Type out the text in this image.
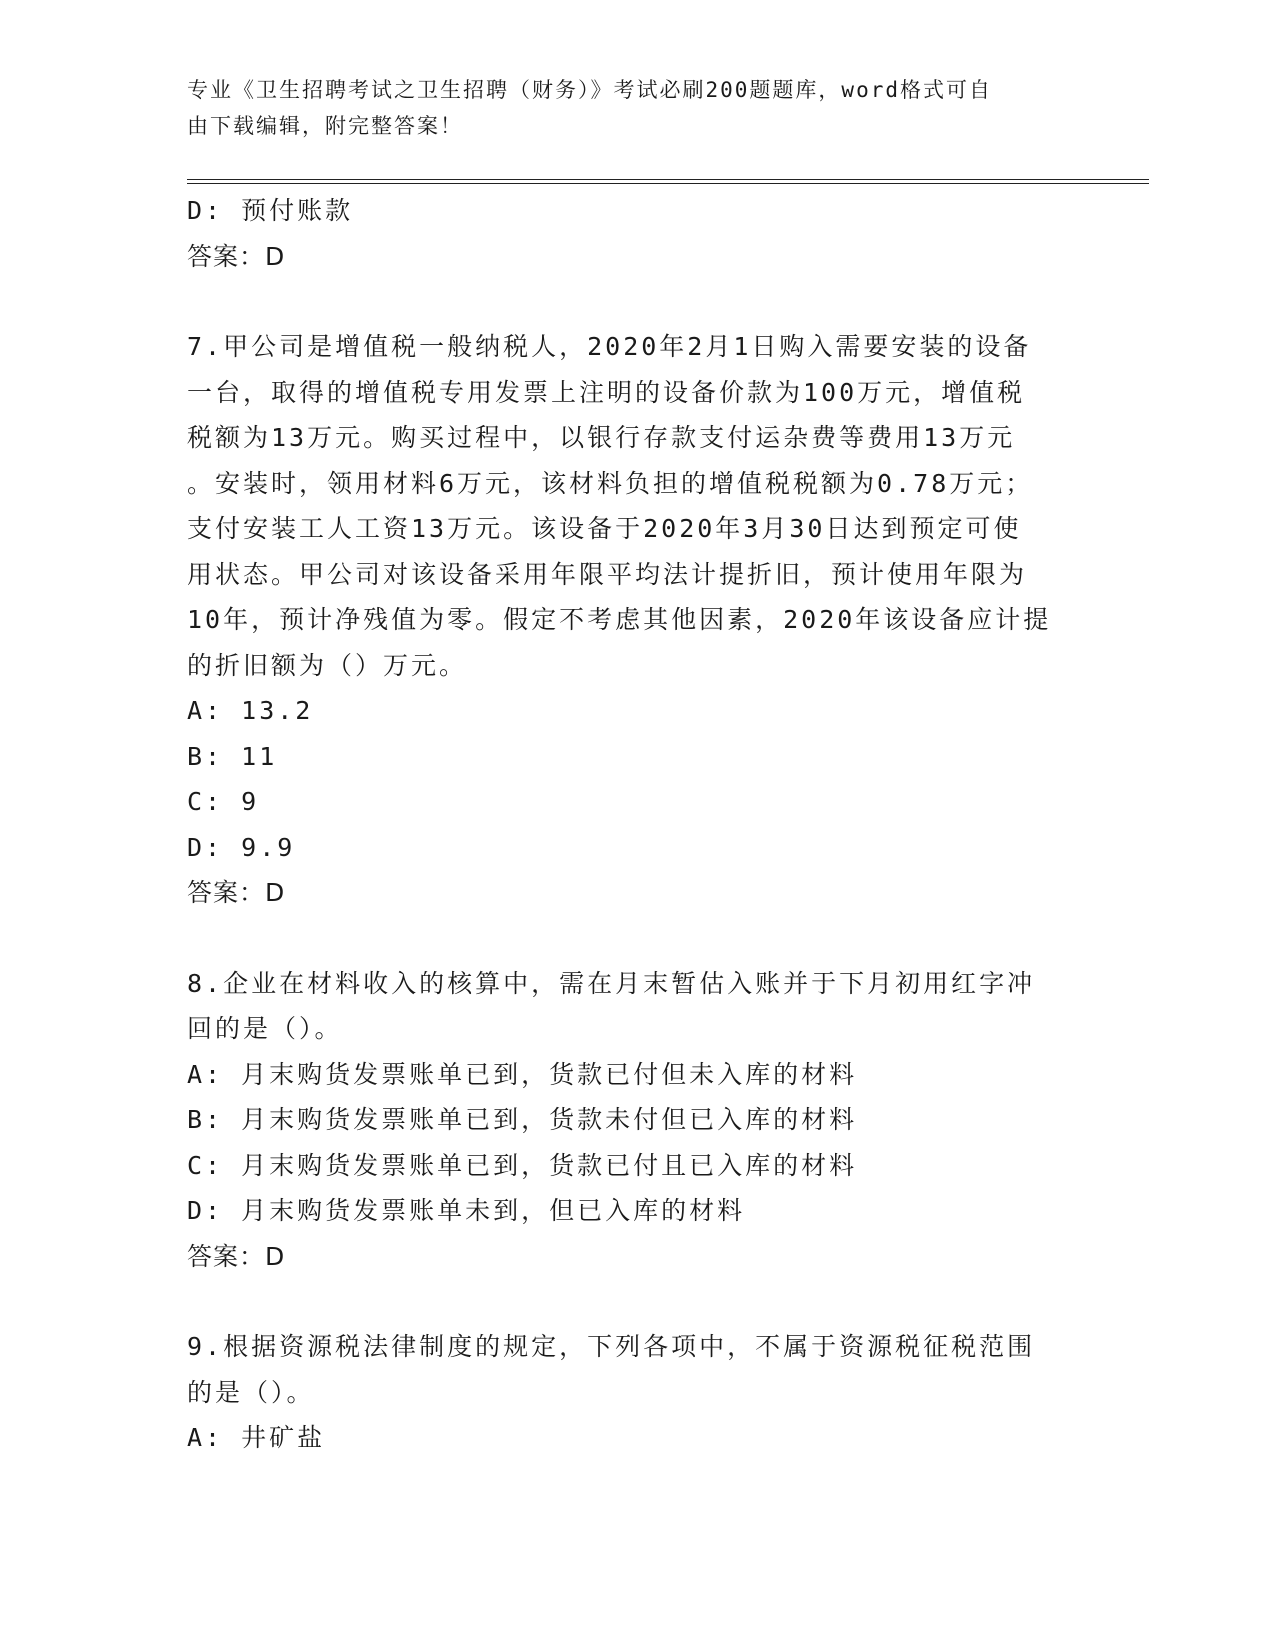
专业《卫生招聘考试之卫生招聘（财务）》考试必刷200题题库，word格式可自
由下载编辑，附完整答案！
D: 预付账款
答案：D
7.甲公司是增值税一般纳税人，2020年2月1日购入需要安装的设备
一台，取得的增值税专用发票上注明的设备价款为100万元，增值税
税额为13万元。购买过程中，以银行存款支付运杂费等费用13万元
。安装时，领用材料6万元，该材料负担的增值税税额为0.78万元；
支付安装工人工资13万元。该设备于2020年3月30日达到预定可使
用状态。甲公司对该设备采用年限平均法计提折旧，预计使用年限为
10年，预计净残值为零。假定不考虑其他因素，2020年该设备应计提
的折旧额为（）万元。
A: 13.2
B: 11
C: 9
D: 9.9
答案：D
8.企业在材料收入的核算中，需在月末暂估入账并于下月初用红字冲
回的是（）。
A: 月末购货发票账单已到，货款已付但未入库的材料
B: 月末购货发票账单已到，货款未付但已入库的材料
C: 月末购货发票账单已到，货款已付且已入库的材料
D: 月末购货发票账单未到，但已入库的材料
答案：D
9.根据资源税法律制度的规定，下列各项中，不属于资源税征税范围
的是（）。
A: 井矿盐
